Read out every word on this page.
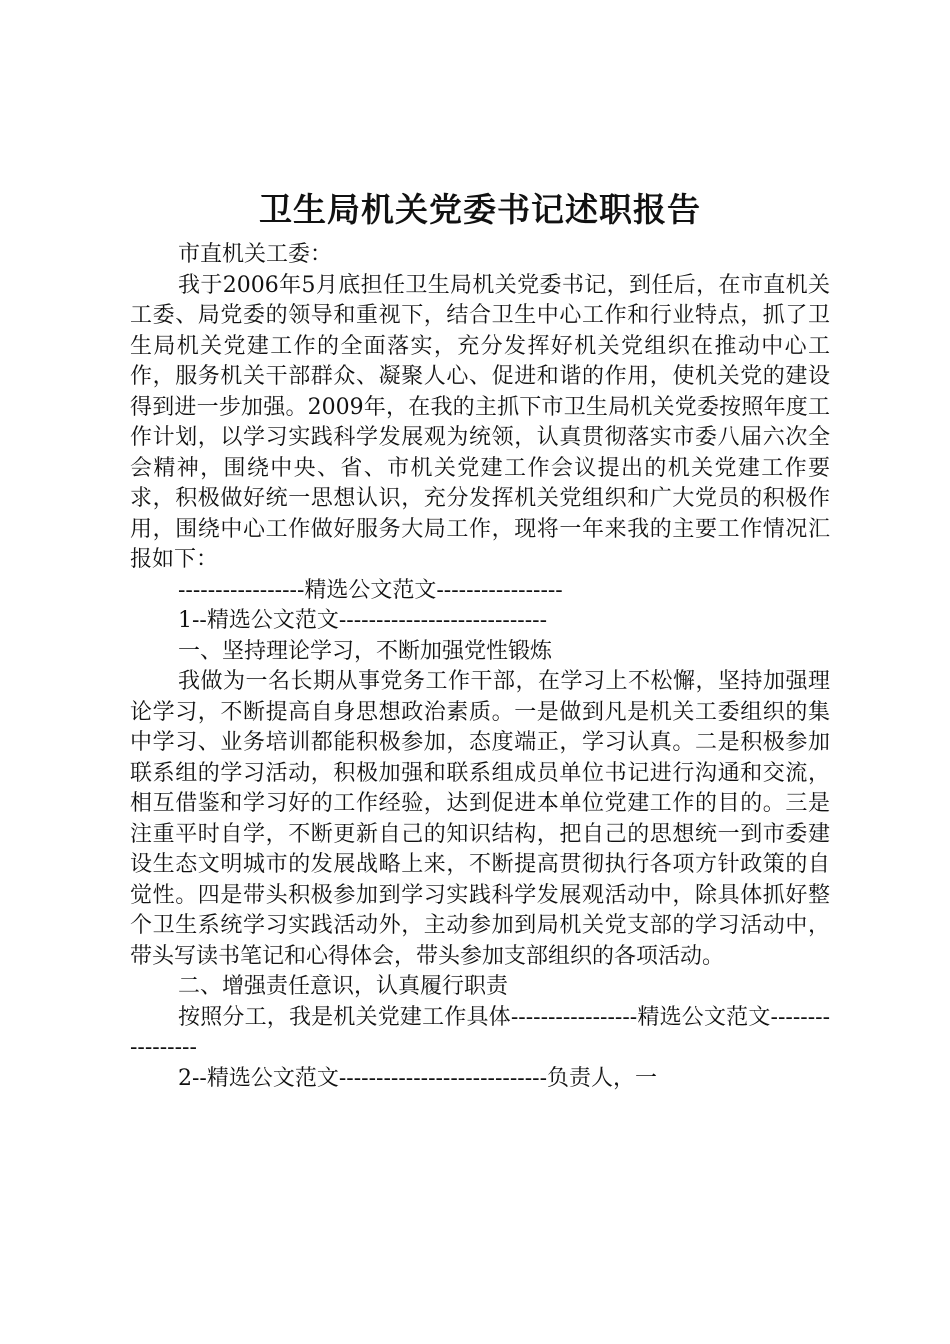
卫生局机关党委书记述职报告

市直机关工委：

我于2006年5月底担任卫生局机关党委书记，到任后，在市直机关工委、局党委的领导和重视下，结合卫生中心工作和行业特点，抓了卫生局机关党建工作的全面落实，充分发挥好机关党组织在推动中心工作，服务机关干部群众、凝聚人心、促进和谐的作用，使机关党的建设得到进一步加强。2009年，在我的主抓下市卫生局机关党委按照年度工作计划，以学习实践科学发展观为统领，认真贯彻落实市委八届六次全会精神，围绕中央、省、市机关党建工作会议提出的机关党建工作要求，积极做好统一思想认识，充分发挥机关党组织和广大党员的积极作用，围绕中心工作做好服务大局工作，现将一年来我的主要工作情况汇报如下：

-----------------精选公文范文-----------------

1--精选公文范文----------------------------

一、坚持理论学习，不断加强党性锻炼

我做为一名长期从事党务工作干部，在学习上不松懈，坚持加强理论学习，不断提高自身思想政治素质。一是做到凡是机关工委组织的集中学习、业务培训都能积极参加，态度端正，学习认真。二是积极参加联系组的学习活动，积极加强和联系组成员单位书记进行沟通和交流，相互借鉴和学习好的工作经验，达到促进本单位党建工作的目的。三是注重平时自学，不断更新自己的知识结构，把自己的思想统一到市委建设生态文明城市的发展战略上来，不断提高贯彻执行各项方针政策的自觉性。四是带头积极参加到学习实践科学发展观活动中，除具体抓好整个卫生系统学习实践活动外，主动参加到局机关党支部的学习活动中，带头写读书笔记和心得体会，带头参加支部组织的各项活动。

二、增强责任意识，认真履行职责

按照分工，我是机关党建工作具体-----------------精选公文范文-----------------

2--精选公文范文----------------------------负责人，一
